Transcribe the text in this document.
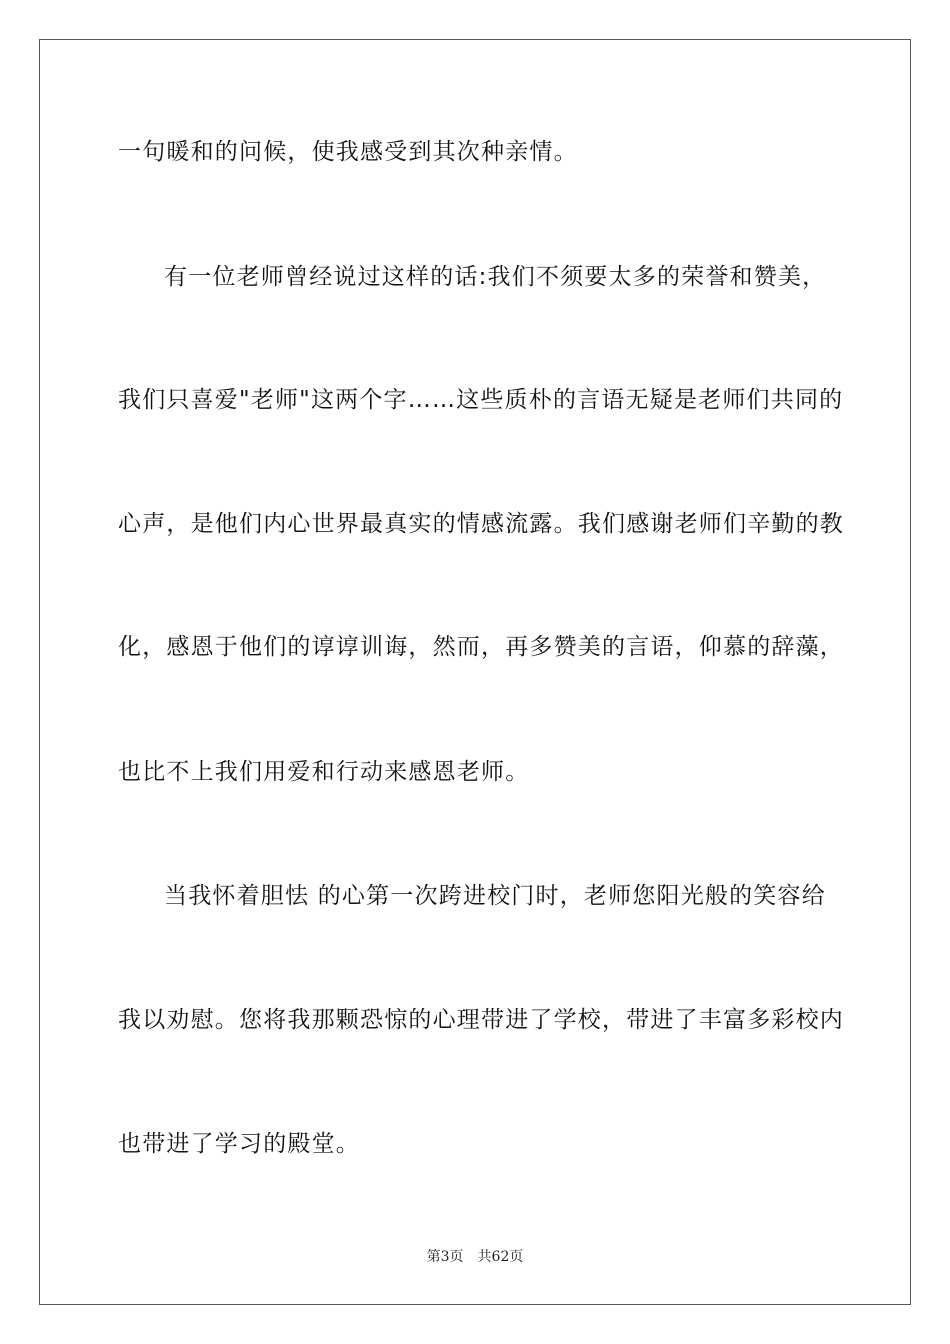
一句暖和的问候，使我感受到其次种亲情。
有一位老师曾经说过这样的话:我们不须要太多的荣誉和赞美，
我们只喜爱"老师"这两个字……这些质朴的言语无疑是老师们共同的
心声，是他们内心世界最真实的情感流露。我们感谢老师们辛勤的教
化，感恩于他们的谆谆训诲，然而，再多赞美的言语，仰慕的辞藻，
也比不上我们用爱和行动来感恩老师。
当我怀着胆怯 的心第一次跨进校门时，老师您阳光般的笑容给
我以劝慰。您将我那颗恐惊的心理带进了学校，带进了丰富多彩校内
也带进了学习的殿堂。
第3页 共62页
